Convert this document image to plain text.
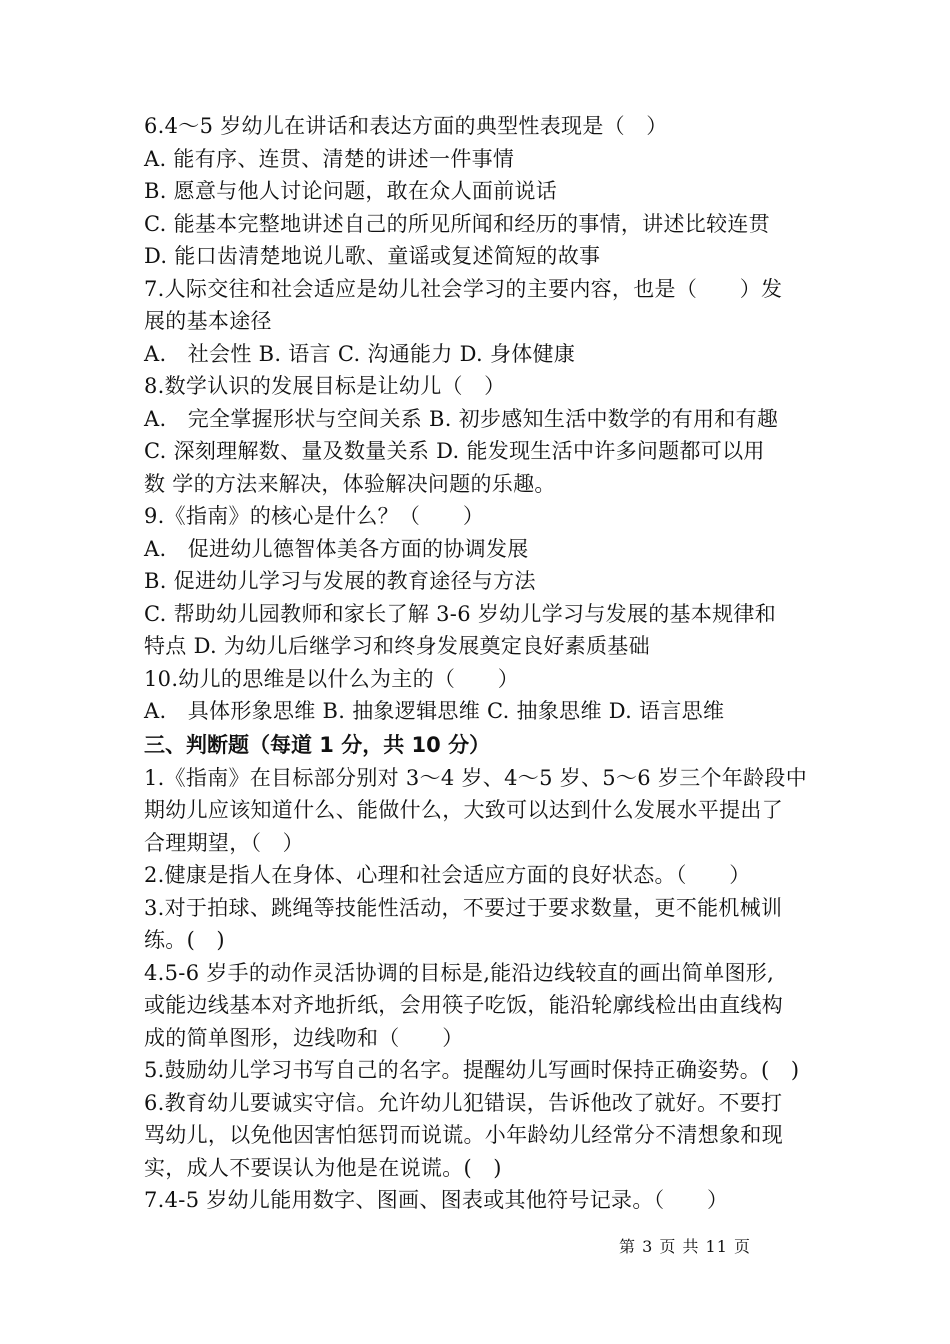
6.4～5 岁幼儿在讲话和表达方面的典型性表现是（　）
A. 能有序、连贯、清楚的讲述一件事情
B. 愿意与他人讨论问题，敢在众人面前说话
C. 能基本完整地讲述自己的所见所闻和经历的事情，讲述比较连贯
D. 能口齿清楚地说儿歌、童谣或复述简短的故事
7.人际交往和社会适应是幼儿社会学习的主要内容，也是（　　）发
展的基本途径
A.　社会性 B. 语言 C. 沟通能力 D. 身体健康
8.数学认识的发展目标是让幼儿（　）
A.　完全掌握形状与空间关系 B. 初步感知生活中数学的有用和有趣
C. 深刻理解数、量及数量关系 D. 能发现生活中许多问题都可以用
数 学的方法来解决，体验解决问题的乐趣。
9.《指南》的核心是什么？（　　）
A.　促进幼儿德智体美各方面的协调发展
B. 促进幼儿学习与发展的教育途径与方法
C. 帮助幼儿园教师和家长了解 3-6 岁幼儿学习与发展的基本规律和
特点 D. 为幼儿后继学习和终身发展奠定良好素质基础
10.幼儿的思维是以什么为主的（　　）
A.　具体形象思维 B. 抽象逻辑思维 C. 抽象思维 D. 语言思维
三、判断题（每道 1 分，共 10 分）
1.《指南》在目标部分别对 3～4 岁、4～5 岁、5～6 岁三个年龄段中
期幼儿应该知道什么、能做什么，大致可以达到什么发展水平提出了
合理期望，（　）
2.健康是指人在身体、心理和社会适应方面的良好状态。（　　）
3.对于拍球、跳绳等技能性活动，不要过于要求数量，更不能机械训
练。(　)
4.5-6 岁手的动作灵活协调的目标是,能沿边线较直的画出简单图形,
或能边线基本对齐地折纸，会用筷子吃饭，能沿轮廓线检出由直线构
成的简单图形，边线吻和（　　）
5.鼓励幼儿学习书写自己的名字。提醒幼儿写画时保持正确姿势。(　)
6.教育幼儿要诚实守信。允许幼儿犯错误，告诉他改了就好。不要打
骂幼儿，以免他因害怕惩罚而说谎。小年龄幼儿经常分不清想象和现
实，成人不要误认为他是在说谎。(　)
7.4-5 岁幼儿能用数字、图画、图表或其他符号记录。（　　）
第 3 页 共 11 页
